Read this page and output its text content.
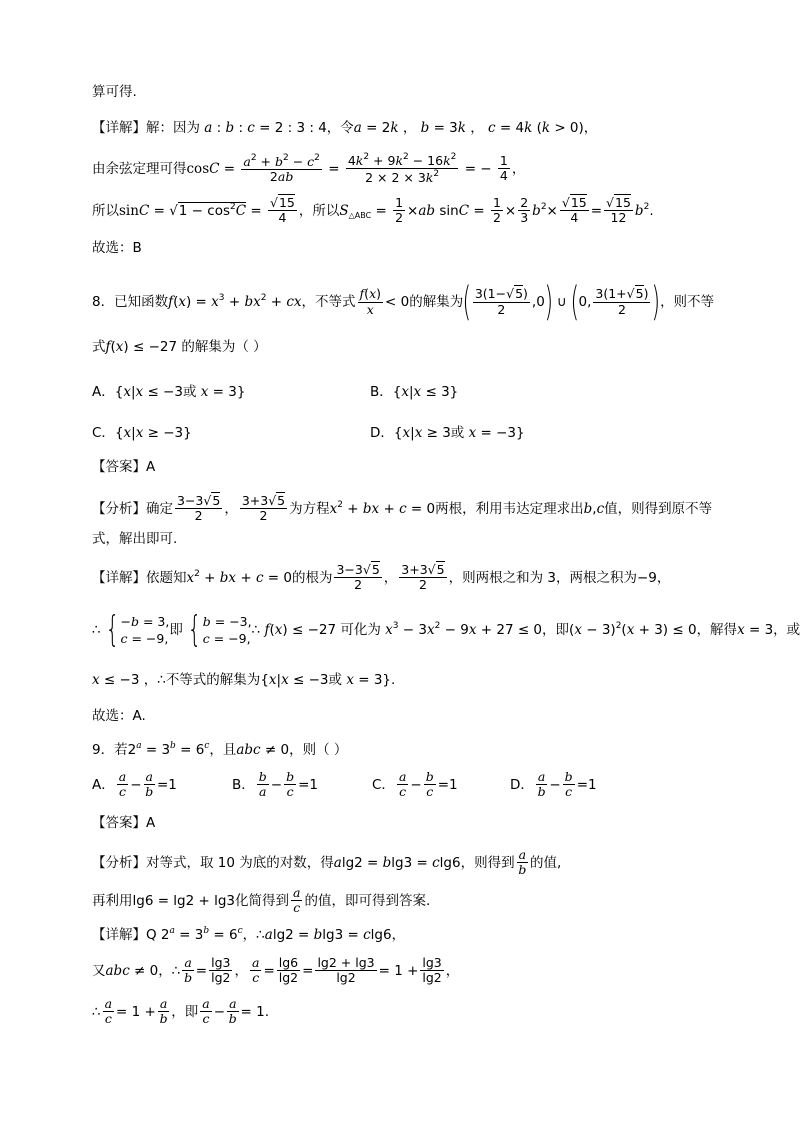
算可得.
【详解】解：因为 a : b : c = 2 : 3 : 4，令a = 2k ， b = 3k ， c = 4k (k > 0)，
由余弦定理可得$\cos C = \frac{a^2 + b^2 - c^2}{2ab} = \frac{4k^2 + 9k^2 - 16k^2}{2 \times 2 \times 3k^2}$ = − $\frac{1}{4}$ ，
所以$\sin C = √1 - \cos^2C = \frac{√15}{4}$ ，所以$S_{\triangle ABC} = \frac{1}{2} \times ab$ $\sin C = \frac{1}{2} \times \frac{2}{3} b^2\times \frac{√15}{4} = \frac{√15}{12} b^2$.
故选：B
8．已知函数$f(x) = x^3 + bx^2$ + cx，不等式 $\frac{f(x)}{x} < 0$的解集为( $\frac{3(1-√5)}{2} ,0$) ∪ (0, $\frac{3(1+√5)}{2}$ )，则不等
式f(x) ≤ −27 的解集为（ ）
A．{x|x ≤ −3或 x = 3}	B．{x|x ≤ 3}
C．{x|x ≥ −3}	D．{x|x ≥ 3或 x = −3}
【答案】A
【分析】确定 $\frac{3-3√5}{2}$ ， $\frac{3+3√5}{2}$ 为方程$x^2$ + bx + c = 0两根，利用韦达定理求出b,c值，则得到原不等
式，解出即可.
【详解】依题知$x^2$ + bx + c = 0的根为 $\frac{3-3√5}{2}$ ， $\frac{3+3√5}{2}$ ，则两根之和为 3，两根之积为−9，
∴ { −b = 3,
c = −9,即 { b = −3,
c = −9,∴ f(x) ≤ −27 可化为 $x^3 - 3x^2 - 9x + 27 \le 0$，即$(x - 3)^2(x + 3) \le 0$，解得x = 3，或
x ≤ −3 ，∴不等式的解集为{x|x ≤ −3或 x = 3}.
故选：A.
9．若$2^a = 3^b = 6^c$，且abc ≠ 0，则（ ）
A． $\frac{a}{c} - \frac{a}{b} =1$	B． $\frac{b}{a} - \frac{b}{c} =1$	C． $\frac{a}{c} - \frac{b}{c} =1$	D． $\frac{a}{b} - \frac{b}{c} =1$
【答案】A
【分析】对等式，取 10 为底的对数，得alg2 = blg3 = clg6，则得到 $\frac{a}{b}$ 的值,
再利用lg6 = lg2 + lg3化简得到 $\frac{a}{c}$ 的值，即可得到答案.
【详解】Q $2^a = 3^b = 6^c$，∴alg2 = blg3 = clg6，
又abc ≠ 0，∴ $\frac{a}{b} = \frac{\lg 3}{\lg 2}$ ， $\frac{a}{c} = \frac{\lg 6}{\lg 2} = \frac{\lg 2 + \lg 3}{\lg 2} = 1 + \frac{\lg 3}{\lg 2}$ ，
∴ $\frac{a}{c} = 1 + \frac{a}{b}$ ，即 $\frac{a}{c} - \frac{a}{b} = 1$.
